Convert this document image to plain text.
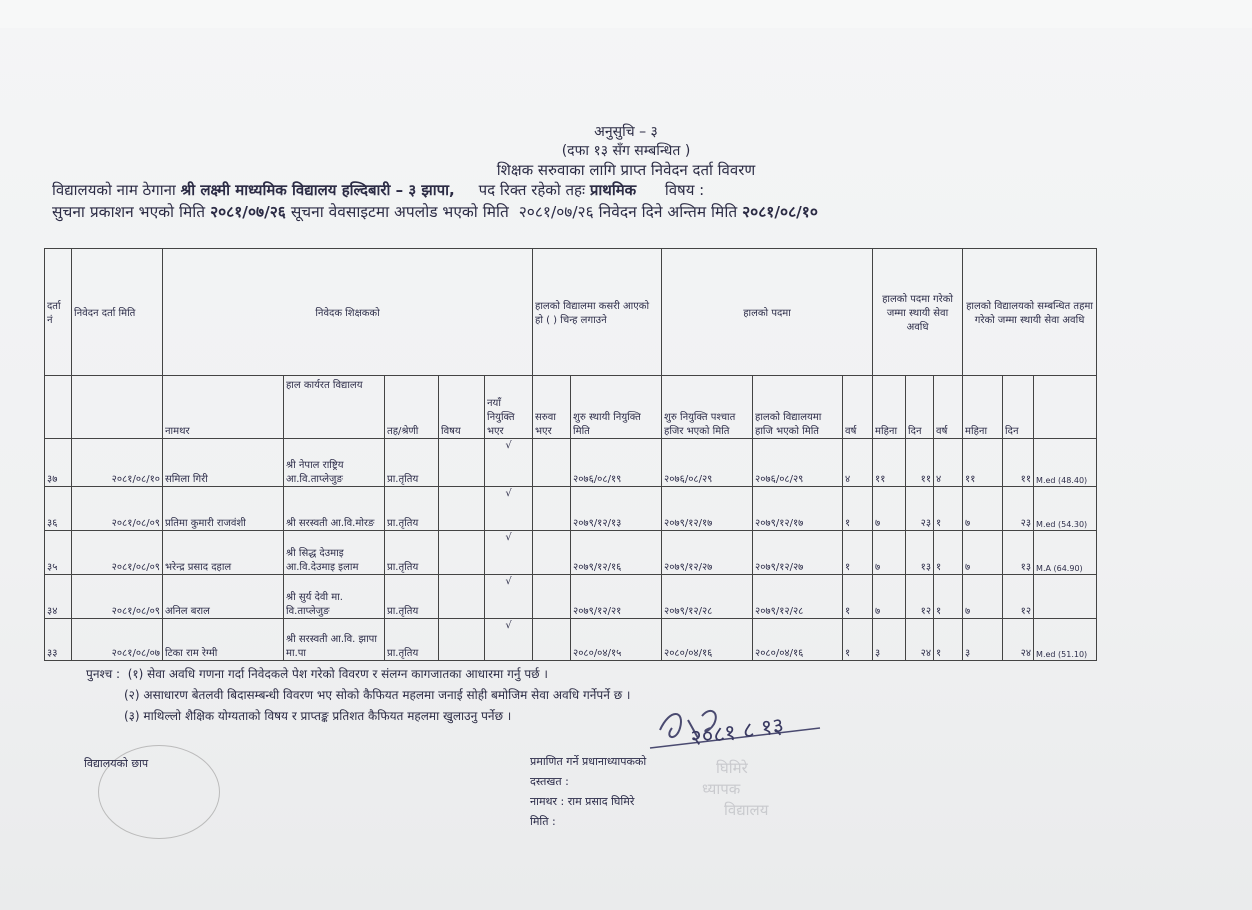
अनुसुचि – ३
(दफा १३ सँग सम्बन्धित )
शिक्षक सरुवाका लागि प्राप्त निवेदन दर्ता विवरण
विद्यालयको नाम ठेगाना श्री लक्ष्मी माध्यमिक विद्यालय हल्दिबारी – ३ झापा, पद रिक्त रहेको तहः प्राथमिक विषय :
सुचना प्रकाशन भएको मिति २०८१/०७/२६ सूचना वेवसाइटमा अपलोड भएको मिति २०८१/०७/२६ निवेदन दिने अन्तिम मिति २०८१/०८/१०
दर्ता नं	निवेदन दर्ता मिति	निवेदक शिक्षकको					हालको विद्यालमा कसरी आएको हो ( ) चिन्ह लगाउने		हालको पदमा			हालको पदमा गरेको जम्मा स्थायी सेवा अवधि			हालको विद्यालयको सम्बन्धित तहमा गरेको जम्मा स्थायी सेवा अवधि	
		नामथर	हाल कार्यरत विद्यालय	तह/श्रेणी	विषय	नयाँ नियुक्ति भएर	सरुवा भएर	शुरु स्थायी नियुक्ति मिति	शुरु नियुक्ति पश्चात हजिर भएको मिति	हालको विद्यालयमा हाजि भएको मिति	वर्ष	महिना	दिन	वर्ष	महिना	दिन		
३७	२०८१/०८/१०	समिला गिरी	श्री नेपाल राष्ट्रिय आ.वि.ताप्लेजुङ	प्रा.तृतिय		√		२०७६/०८/१९	२०७६/०८/२९	२०७६/०८/२९	४	११	११	४	११	११	M.ed (48.40)	
३६	२०८१/०८/०९	प्रतिमा कुमारी राजवंशी	श्री सरस्वती आ.वि.मोरङ	प्रा.तृतिय		√		२०७९/१२/१३	२०७९/१२/१७	२०७९/१२/१७	१	७	२३	१	७	२३	M.ed (54.30)	
३५	२०८१/०८/०९	भरेन्द्र प्रसाद दहाल	श्री सिद्ध देउमाइ आ.वि.देउमाइ इलाम	प्रा.तृतिय		√		२०७९/१२/१६	२०७९/१२/२७	२०७९/१२/२७	१	७	१३	१	७	१३	M.A (64.90)	
३४	२०८१/०८/०९	अनिल बराल	श्री सुर्य देवी मा. वि.ताप्लेजुङ	प्रा.तृतिय		√		२०७९/१२/२१	२०७९/१२/२८	२०७९/१२/२८	१	७	१२	१	७	१२		
३३	२०८१/०८/०७	टिका राम रेग्मी	श्री सरस्वती आ.वि. झापा मा.पा	प्रा.तृतिय		√		२०८०/०४/१५	२०८०/०४/१६	२०८०/०४/१६	१	३	२४	१	३	२४	M.ed (51.10)	
पुनश्च : (१) सेवा अवधि गणना गर्दा निवेदकले पेश गरेको विवरण र संलग्न कागजातका आधारमा गर्नु पर्छ ।
(२) असाधारण बेतलवी बिदासम्बन्धी विवरण भए सोको कैफियत महलमा जनाई सोही बमोजिम सेवा अवधि गर्नेपर्ने छ ।
(३) माथिल्लो शैक्षिक योग्यताको विषय र प्राप्तङ्क प्रतिशत कैफियत महलमा खुलाउनु पर्नेछ ।
विद्यालयको छाप
२०८१ ८ १३
प्रमाणित गर्ने प्रधानाध्यापकको
दस्तखत :
नामथर : राम प्रसाद घिमिरे
मिति :
घिमिरे
ध्यापक
विद्यालय
